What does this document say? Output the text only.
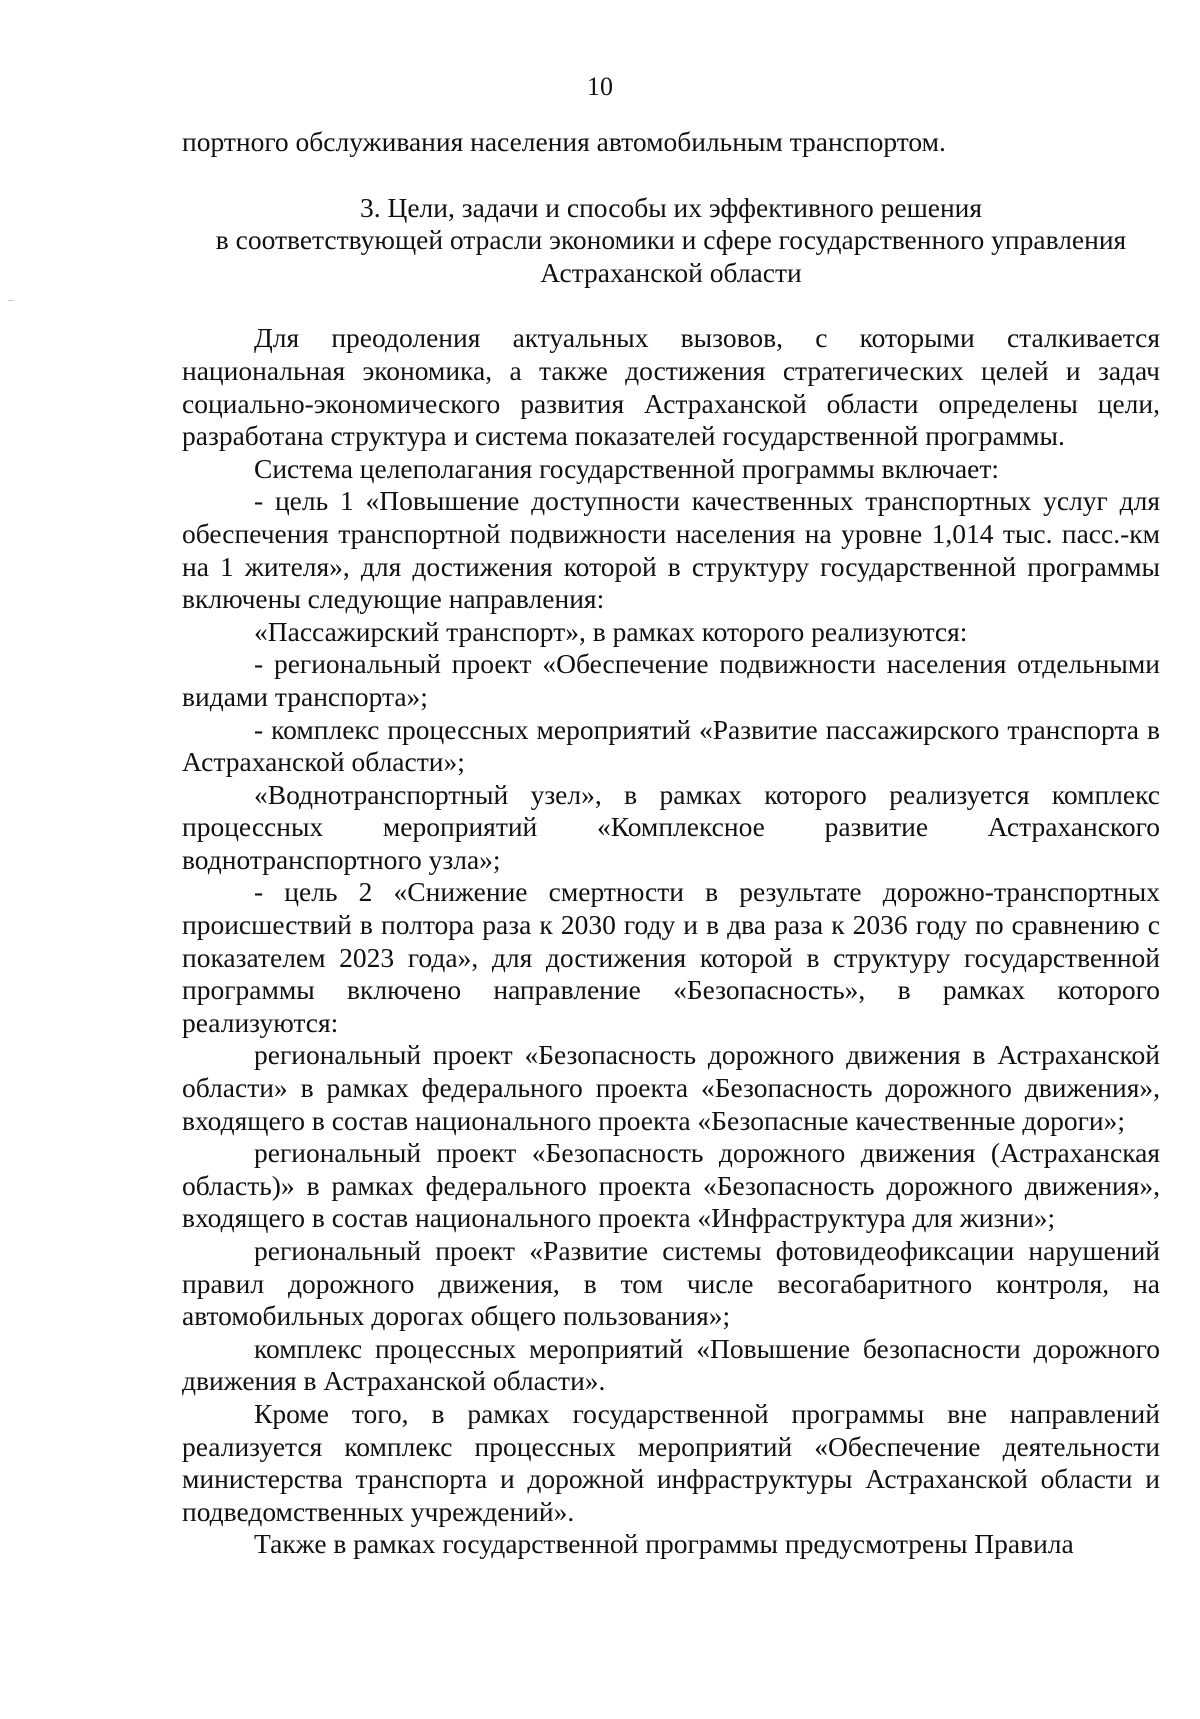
10

портного обслуживания населения автомобильным транспортом.

3. Цели, задачи и способы их эффективного решения
в соответствующей отрасли экономики и сфере государственного управления
Астраханской области

Для преодоления актуальных вызовов, с которыми сталкивается национальная экономика, а также достижения стратегических целей и задач социально-экономического развития Астраханской области определены цели, разработана структура и система показателей государственной программы.

Система целеполагания государственной программы включает:

- цель 1 «Повышение доступности качественных транспортных услуг для обеспечения транспортной подвижности населения на уровне 1,014 тыс. пасс.-км на 1 жителя», для достижения которой в структуру государственной программы включены следующие направления:

«Пассажирский транспорт», в рамках которого реализуются:

- региональный проект «Обеспечение подвижности населения отдельными видами транспорта»;

- комплекс процессных мероприятий «Развитие пассажирского транспорта в Астраханской области»;

«Воднотранспортный узел», в рамках которого реализуется комплекс процессных мероприятий «Комплексное развитие Астраханского воднотранспортного узла»;

- цель 2 «Снижение смертности в результате дорожно-транспортных происшествий в полтора раза к 2030 году и в два раза к 2036 году по сравнению с показателем 2023 года», для достижения которой в структуру государственной программы включено направление «Безопасность», в рамках которого реализуются:

региональный проект «Безопасность дорожного движения в Астраханской области» в рамках федерального проекта «Безопасность дорожного движения», входящего в состав национального проекта «Безопасные качественные дороги»;

региональный проект «Безопасность дорожного движения (Астраханская область)» в рамках федерального проекта «Безопасность дорожного движения», входящего в состав национального проекта «Инфраструктура для жизни»;

региональный проект «Развитие системы фотовидеофиксации нарушений правил дорожного движения, в том числе весогабаритного контроля, на автомобильных дорогах общего пользования»;

комплекс процессных мероприятий «Повышение безопасности дорожного движения в Астраханской области».

Кроме того, в рамках государственной программы вне направлений реализуется комплекс процессных мероприятий «Обеспечение деятельности министерства транспорта и дорожной инфраструктуры Астраханской области и подведомственных учреждений».

Также в рамках государственной программы предусмотрены Правила
